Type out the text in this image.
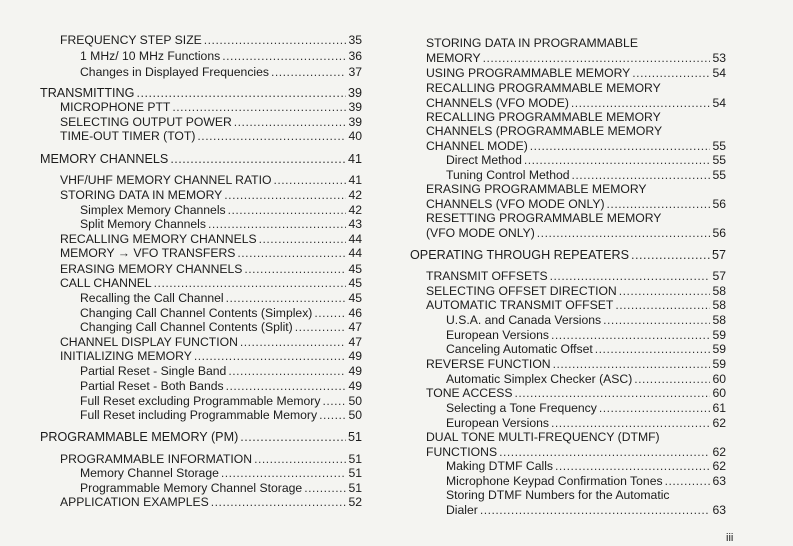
FREQUENCY STEP SIZE .....	35
1 MHz/ 10 MHz Functions .....	36
Changes in Displayed Frequencies .....	37
TRANSMITTING .....	39
MICROPHONE PTT .....	39
SELECTING OUTPUT POWER .....	39
TIME-OUT TIMER (TOT) .....	40
MEMORY CHANNELS .....	41
VHF/UHF MEMORY CHANNEL RATIO .....	41
STORING DATA IN MEMORY .....	42
Simplex Memory Channels .....	42
Split Memory Channels .....	43
RECALLING MEMORY CHANNELS .....	44
MEMORY → VFO TRANSFERS .....	44
ERASING MEMORY CHANNELS .....	45
CALL CHANNEL .....	45
Recalling the Call Channel .....	45
Changing Call Channel Contents (Simplex) .....	46
Changing Call Channel Contents (Split) .....	47
CHANNEL DISPLAY FUNCTION .....	47
INITIALIZING MEMORY .....	49
Partial Reset - Single Band .....	49
Partial Reset - Both Bands .....	49
Full Reset excluding Programmable Memory ..... 50
Full Reset including Programmable Memory .....	50
PROGRAMMABLE MEMORY (PM) .....	51
PROGRAMMABLE INFORMATION .....	51
Memory Channel Storage .....	51
Programmable Memory Channel Storage .....	51
APPLICATION EXAMPLES .....	52
STORING DATA IN PROGRAMMABLE
MEMORY .....	53
USING PROGRAMMABLE MEMORY .....	54
RECALLING PROGRAMMABLE MEMORY
CHANNELS (VFO MODE) .....	54
RECALLING PROGRAMMABLE MEMORY
CHANNELS (PROGRAMMABLE MEMORY
CHANNEL MODE) .....	55
Direct Method .....	55
Tuning Control Method .....	55
ERASING PROGRAMMABLE MEMORY
CHANNELS (VFO MODE ONLY) .....	56
RESETTING PROGRAMMABLE MEMORY
(VFO MODE ONLY) .....	56
OPERATING THROUGH REPEATERS .....	57
TRANSMIT OFFSETS .....	57
SELECTING OFFSET DIRECTION .....	58
AUTOMATIC TRANSMIT OFFSET .....	58
U.S.A. and Canada Versions .....	58
European Versions .....	59
Canceling Automatic Offset .....	59
REVERSE FUNCTION .....	59
Automatic Simplex Checker (ASC) .....	60
TONE ACCESS .....	60
Selecting a Tone Frequency .....	61
European Versions .....	62
DUAL TONE MULTI-FREQUENCY (DTMF)
FUNCTIONS .....	62
Making DTMF Calls .....	62
Microphone Keypad Confirmation Tones .....	63
Storing DTMF Numbers for the Automatic
Dialer .....	63
iii
